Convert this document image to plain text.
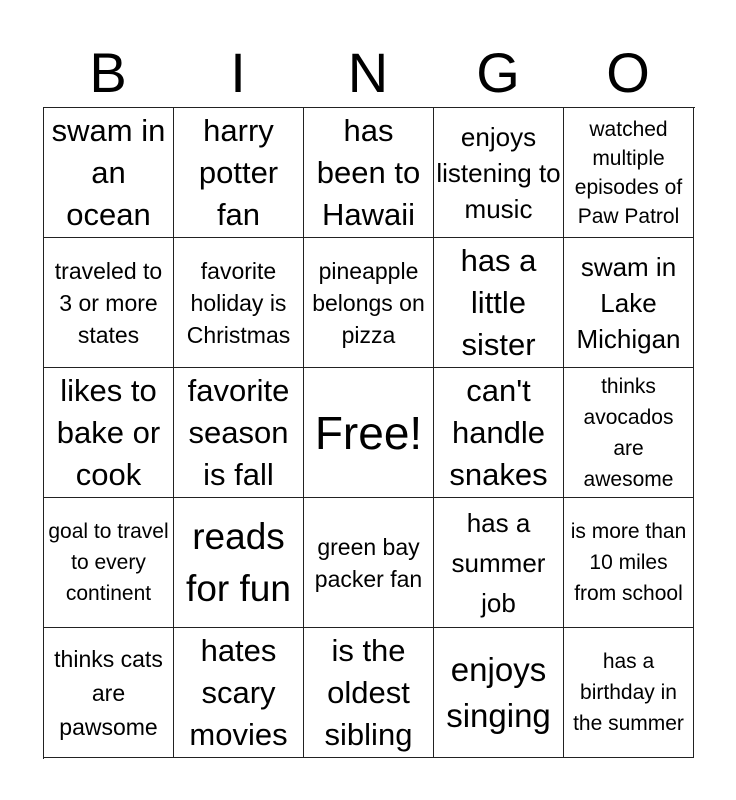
B	I	N	G	O
swam in an ocean
harry potter fan
has been to Hawaii
enjoys listening to music
watched multiple episodes of Paw Patrol
traveled to 3 or more states
favorite holiday is Christmas
pineapple belongs on pizza
has a little sister
swam in Lake Michigan
likes to bake or cook
favorite season is fall
Free!
can't handle snakes
thinks avocados are awesome
goal to travel to every continent
reads for fun
green bay packer fan
has a summer job
is more than 10 miles from school
thinks cats are pawsome
hates scary movies
is the oldest sibling
enjoys singing
has a birthday in the summer
